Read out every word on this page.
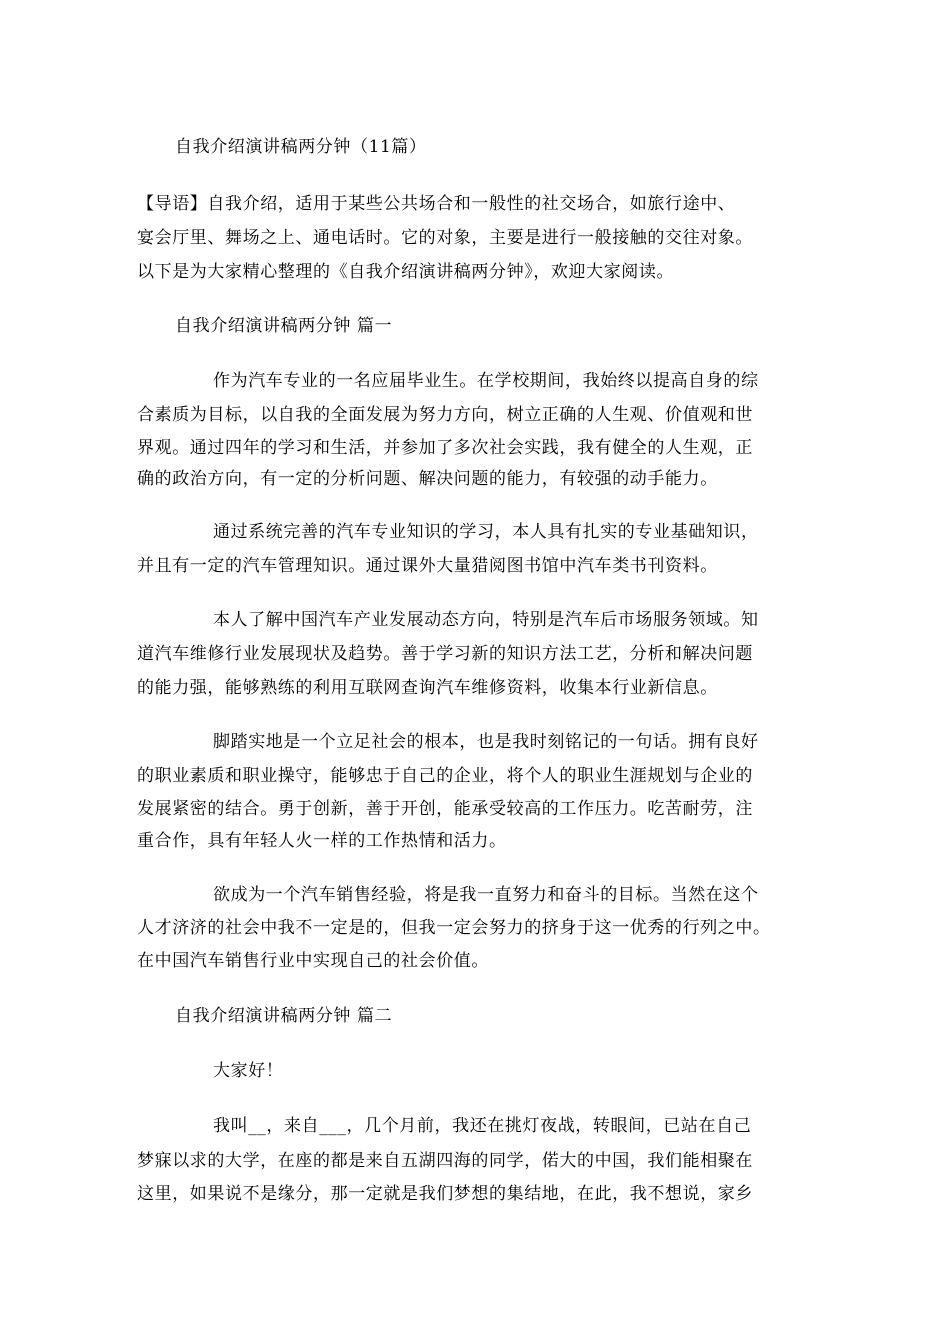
自我介绍演讲稿两分钟（11篇）
【导语】自我介绍，适用于某些公共场合和一般性的社交场合，如旅行途中、
宴会厅里、舞场之上、通电话时。它的对象，主要是进行一般接触的交往对象。
以下是为大家精心整理的《自我介绍演讲稿两分钟》，欢迎大家阅读。
自我介绍演讲稿两分钟 篇一
作为汽车专业的一名应届毕业生。在学校期间，我始终以提高自身的综
合素质为目标，以自我的全面发展为努力方向，树立正确的人生观、价值观和世
界观。通过四年的学习和生活，并参加了多次社会实践，我有健全的人生观，正
确的政治方向，有一定的分析问题、解决问题的能力，有较强的动手能力。
通过系统完善的汽车专业知识的学习，本人具有扎实的专业基础知识，
并且有一定的汽车管理知识。通过课外大量猎阅图书馆中汽车类书刊资料。
本人了解中国汽车产业发展动态方向，特别是汽车后市场服务领域。知
道汽车维修行业发展现状及趋势。善于学习新的知识方法工艺，分析和解决问题
的能力强，能够熟练的利用互联网查询汽车维修资料，收集本行业新信息。
脚踏实地是一个立足社会的根本，也是我时刻铭记的一句话。拥有良好
的职业素质和职业操守，能够忠于自己的企业，将个人的职业生涯规划与企业的
发展紧密的结合。勇于创新，善于开创，能承受较高的工作压力。吃苦耐劳，注
重合作，具有年轻人火一样的工作热情和活力。
欲成为一个汽车销售经验，将是我一直努力和奋斗的目标。当然在这个
人才济济的社会中我不一定是的，但我一定会努力的挤身于这一优秀的行列之中。
在中国汽车销售行业中实现自己的社会价值。
自我介绍演讲稿两分钟 篇二
大家好！
我叫__，来自___，几个月前，我还在挑灯夜战，转眼间，已站在自己
梦寐以求的大学，在座的都是来自五湖四海的同学，偌大的中国，我们能相聚在
这里，如果说不是缘分，那一定就是我们梦想的集结地，在此，我不想说，家乡
